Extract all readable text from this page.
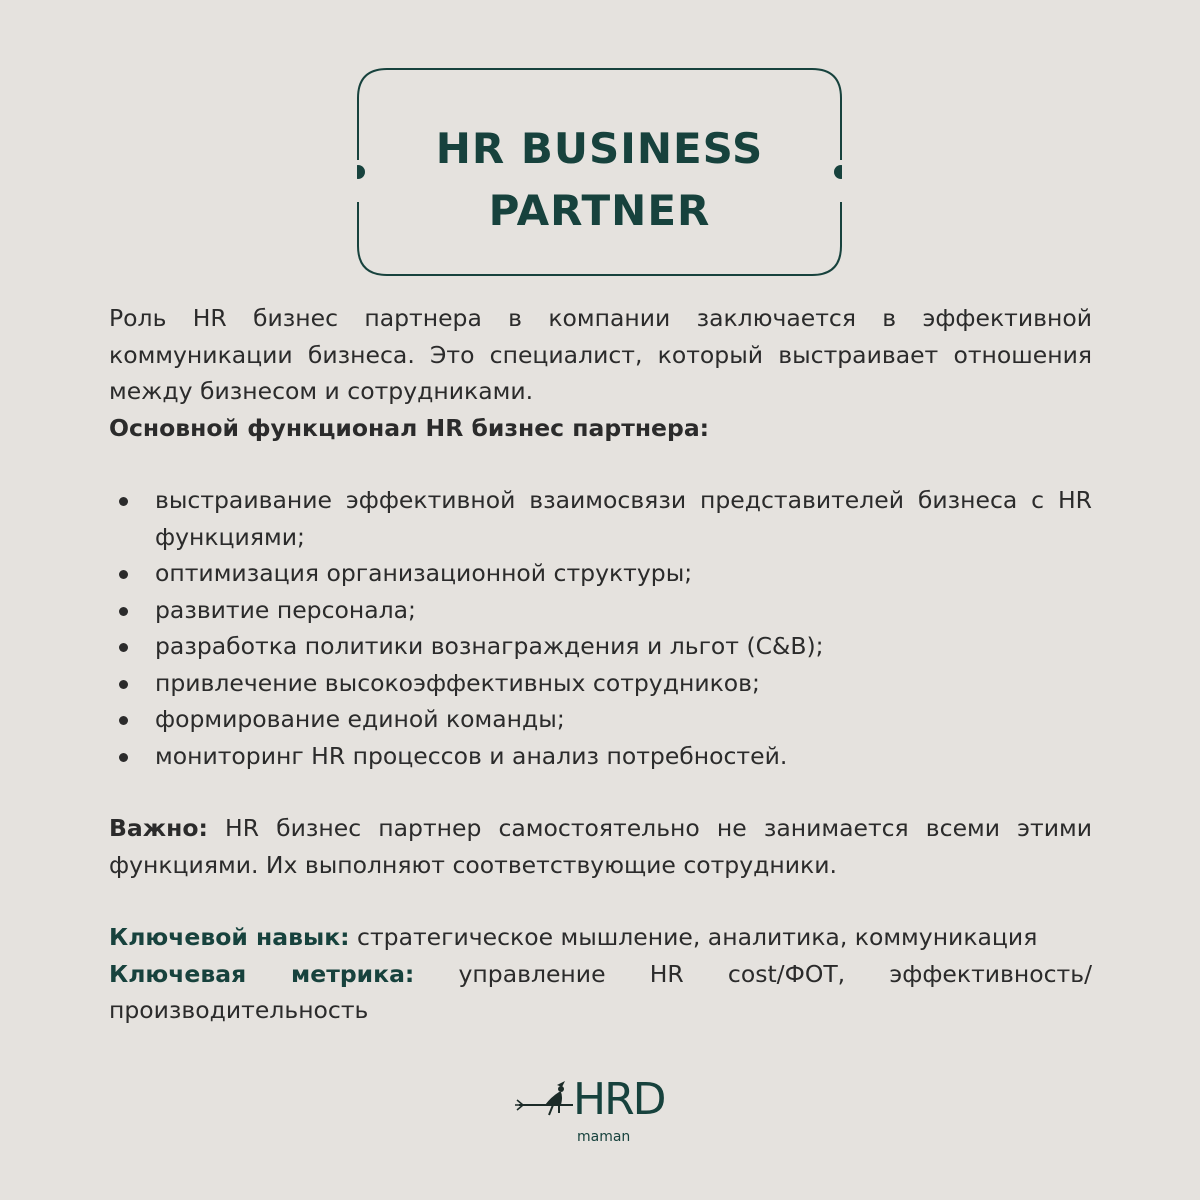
HR BUSINESS
PARTNER

Роль HR бизнес партнера в компании заключается в эффективной коммуникации бизнеса. Это специалист, который выстраивает отношения между бизнесом и сотрудниками.

Основной функционал HR бизнес партнера:

выстраивание эффективной взаимосвязи представителей бизнеса с HR функциями;
оптимизация организационной структуры;
развитие персонала;
разработка политики вознаграждения и льгот (C&B);
привлечение высокоэффективных сотрудников;
формирование единой команды;
мониторинг HR процессов и анализ потребностей.

Важно: HR бизнес партнер самостоятельно не занимается всеми этими функциями. Их выполняют соответствующие сотрудники.

Ключевой навык: стратегическое мышление, аналитика, коммуникация

Ключевая метрика: управление HR cost/ФОТ, эффективность/ производительность

HRD
maman
